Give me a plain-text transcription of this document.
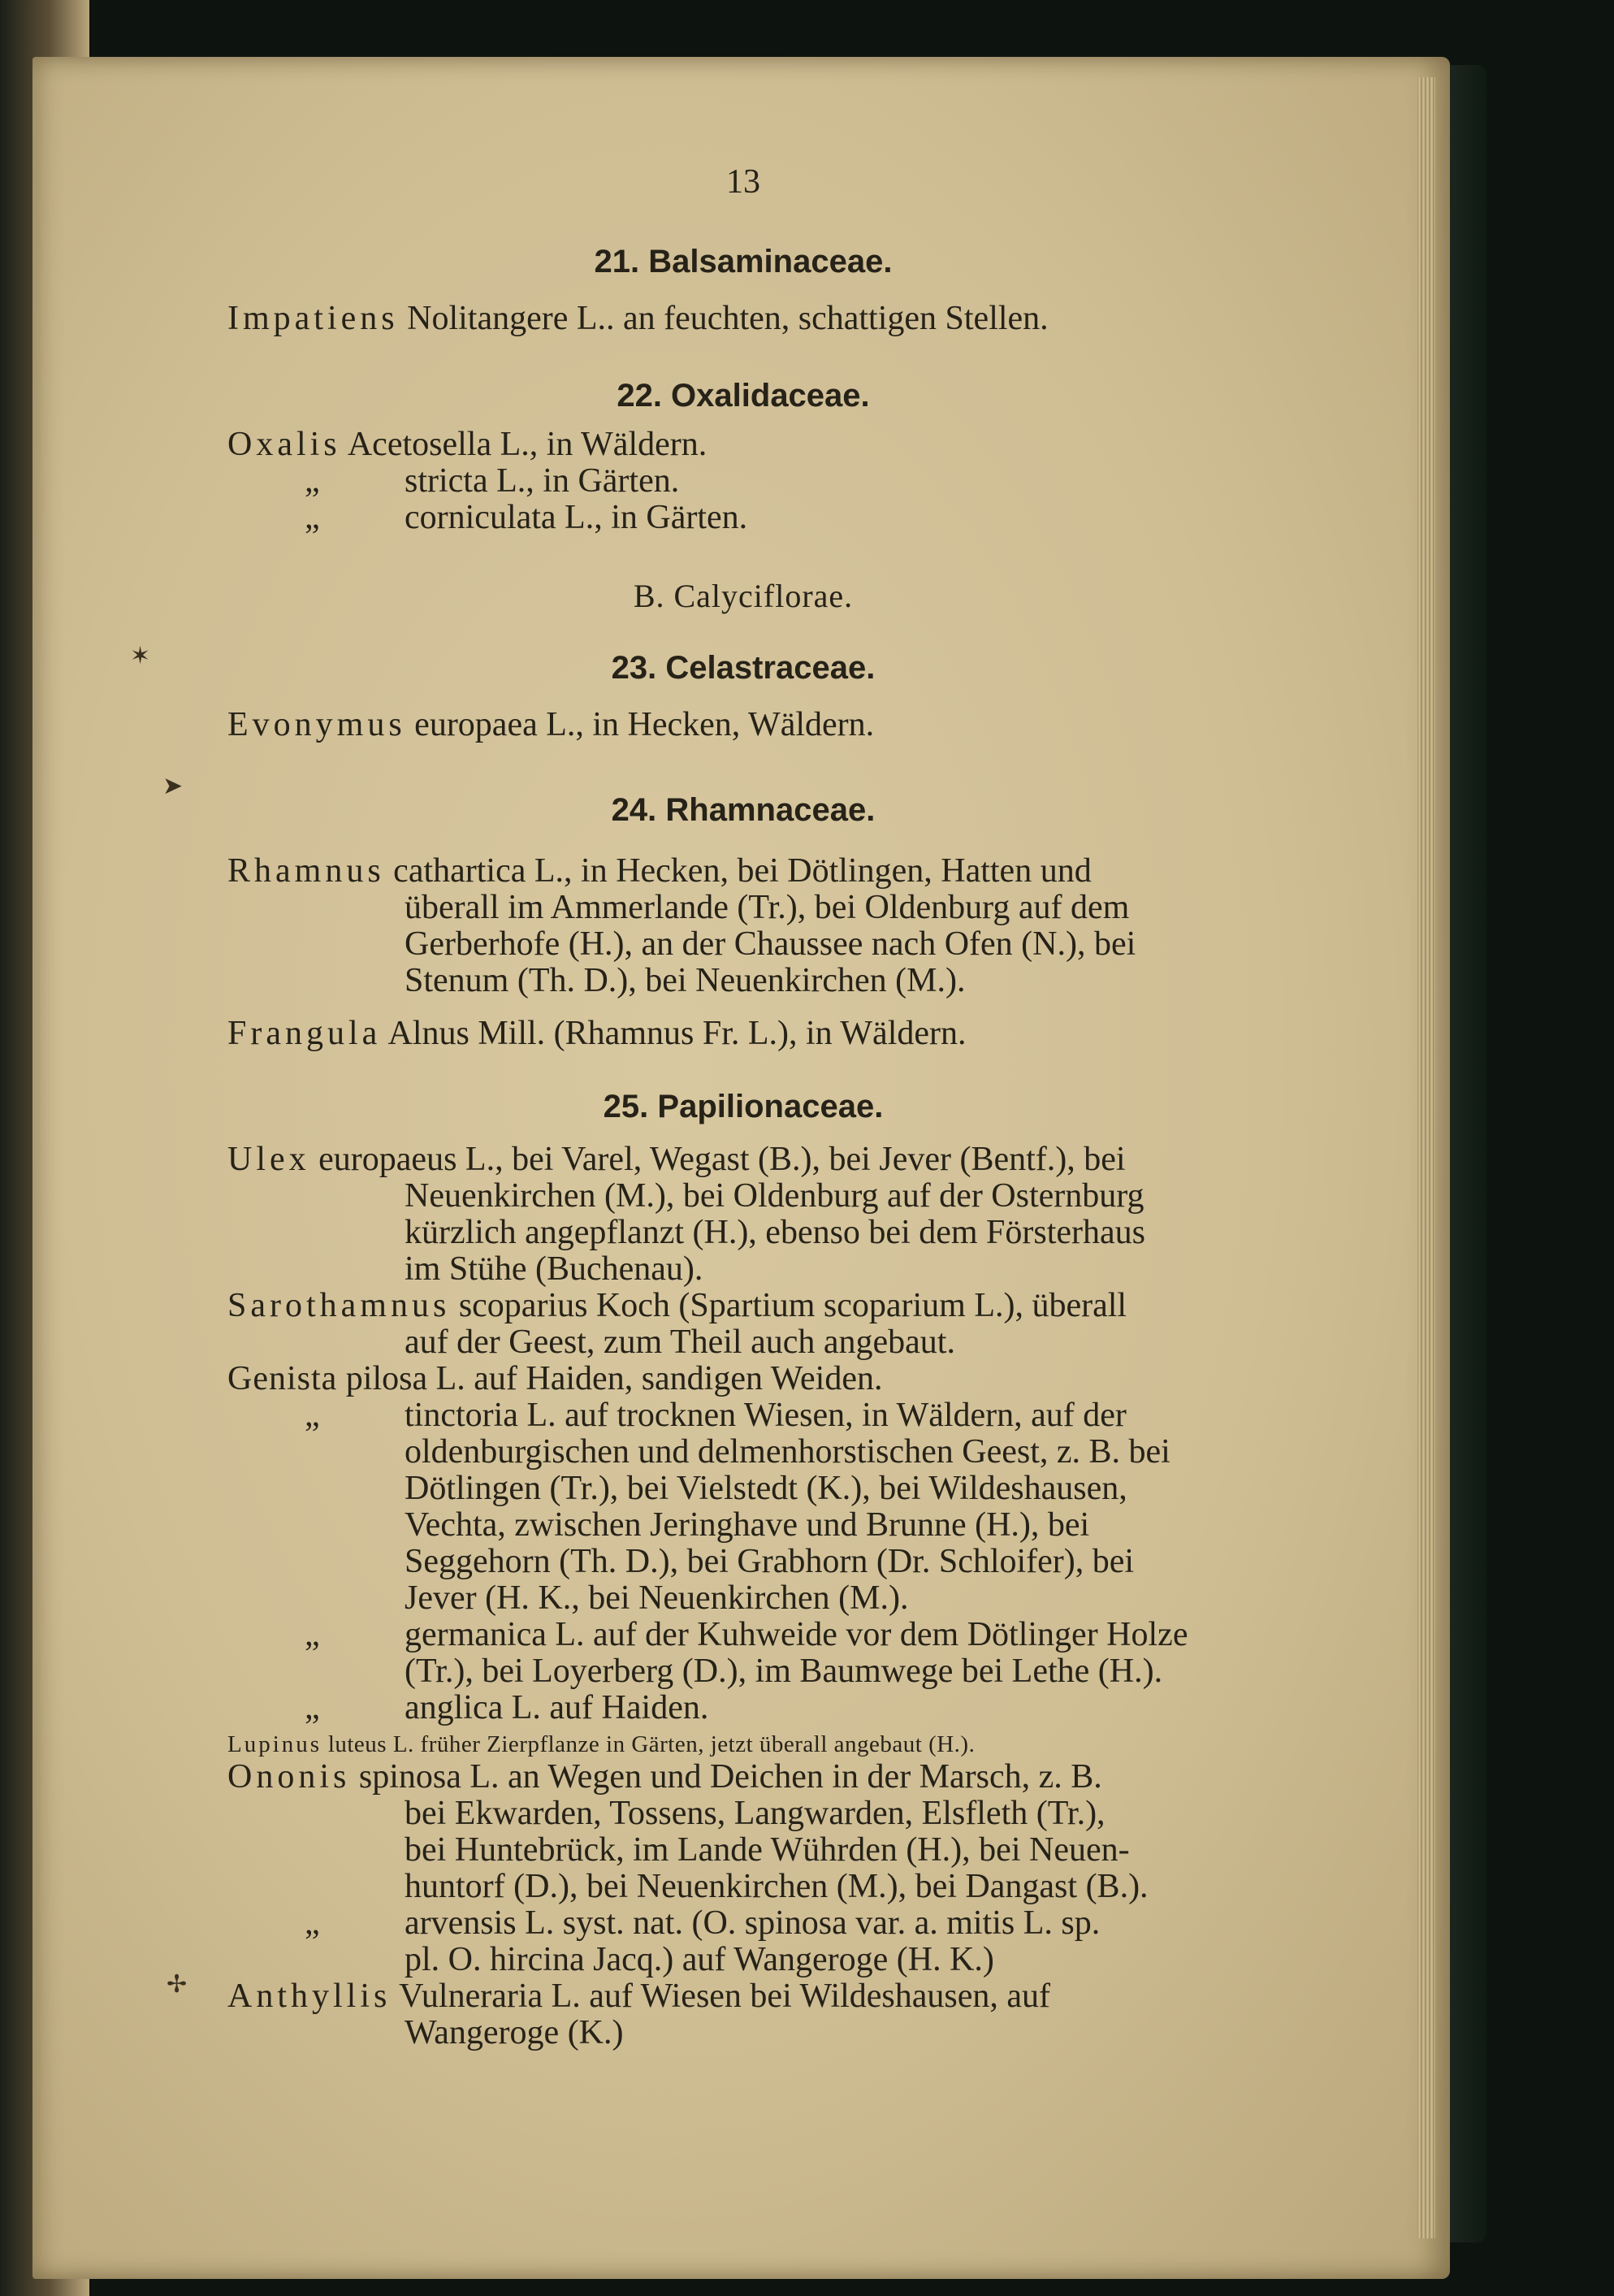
✶
➤
✢
13
21. Balsaminaceae.
Impatiens Nolitangere L.. an feuchten, schattigen Stellen.
22. Oxalidaceae.
Oxalis Acetosella L., in Wäldern.
„	stricta L., in Gärten.
„	corniculata L., in Gärten.
B. Calyciflorae.
23. Celastraceae.
Evonymus europaea L., in Hecken, Wäldern.
24. Rhamnaceae.
Rhamnus cathartica L., in Hecken, bei Dötlingen, Hatten und
überall im Ammerlande (Tr.), bei Oldenburg auf dem
Gerberhofe (H.), an der Chaussee nach Ofen (N.), bei
Stenum (Th. D.), bei Neuenkirchen (M.).
Frangula Alnus Mill. (Rhamnus Fr. L.), in Wäldern.
25. Papilionaceae.
Ulex europaeus L., bei Varel, Wegast (B.), bei Jever (Bentf.), bei
Neuenkirchen (M.), bei Oldenburg auf der Osternburg
kürzlich angepflanzt (H.), ebenso bei dem Försterhaus
im Stühe (Buchenau).
Sarothamnus scoparius Koch (Spartium scoparium L.), überall
auf der Geest, zum Theil auch angebaut.
Genista pilosa L. auf Haiden, sandigen Weiden.
„	tinctoria L. auf trocknen Wiesen, in Wäldern, auf der
oldenburgischen und delmenhorstischen Geest, z. B. bei
Dötlingen (Tr.), bei Vielstedt (K.), bei Wildeshausen,
Vechta, zwischen Jeringhave und Brunne (H.), bei
Seggehorn (Th. D.), bei Grabhorn (Dr. Schloifer), bei
Jever (H. K., bei Neuenkirchen (M.).
„	germanica L. auf der Kuhweide vor dem Dötlinger Holze
(Tr.), bei Loyerberg (D.), im Baumwege bei Lethe (H.).
„	anglica L. auf Haiden.
Lupinus luteus L. früher Zierpflanze in Gärten, jetzt überall angebaut (H.).
Ononis spinosa L. an Wegen und Deichen in der Marsch, z. B.
bei Ekwarden, Tossens, Langwarden, Elsfleth (Tr.),
bei Huntebrück, im Lande Wührden (H.), bei Neuen-
huntorf (D.), bei Neuenkirchen (M.), bei Dangast (B.).
„	arvensis L. syst. nat. (O. spinosa var. a. mitis L. sp.
pl. O. hircina Jacq.) auf Wangeroge (H. K.)
Anthyllis Vulneraria L. auf Wiesen bei Wildeshausen, auf
Wangeroge (K.)
